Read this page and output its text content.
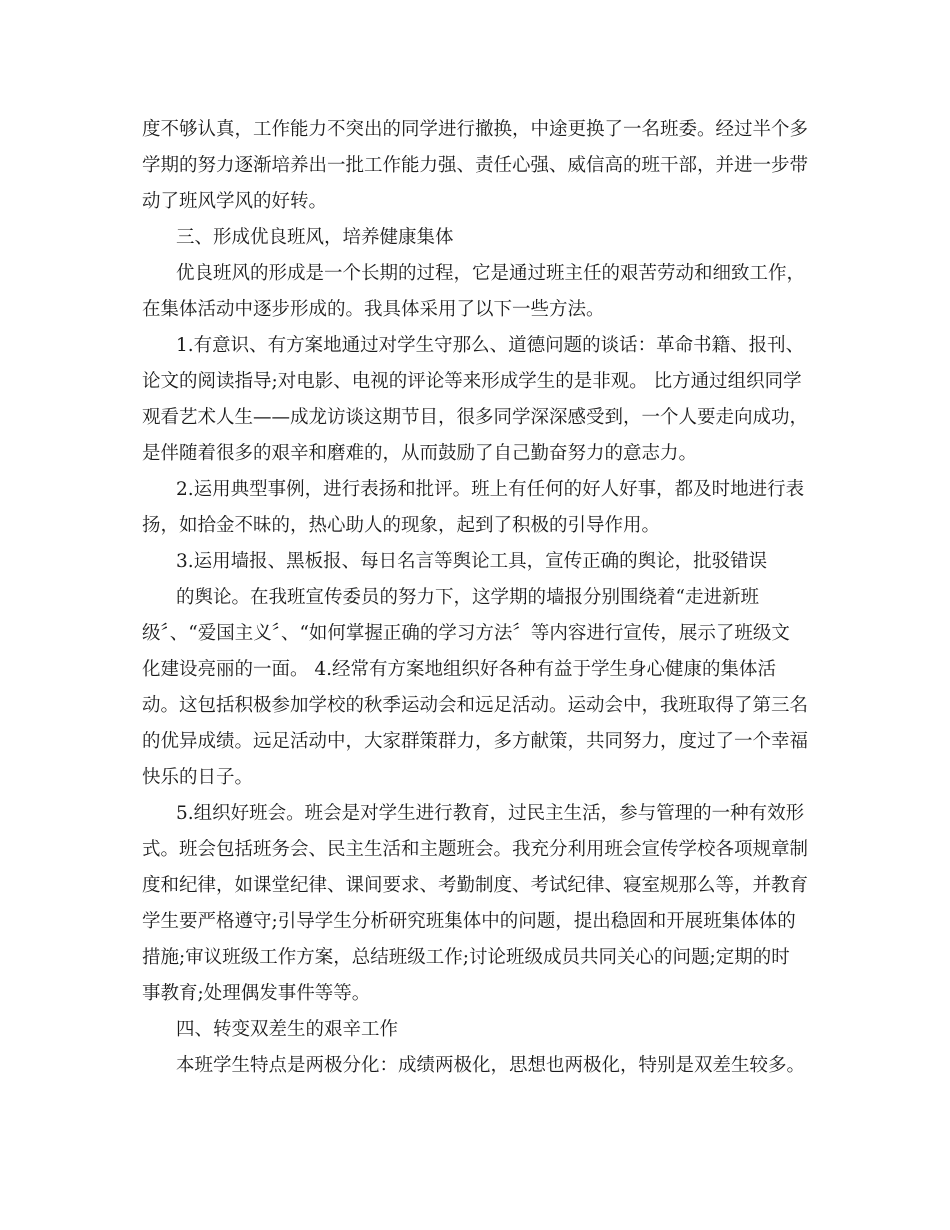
度不够认真，工作能力不突出的同学进行撤换，中途更换了一名班委。经过半个多
学期的努力逐渐培养出一批工作能力强、责任心强、威信高的班干部，并进一步带
动了班风学风的好转。
三、形成优良班风，培养健康集体
优良班风的形成是一个长期的过程，它是通过班主任的艰苦劳动和细致工作，
在集体活动中逐步形成的。我具体采用了以下一些方法。
1.有意识、有方案地通过对学生守那么、道德问题的谈话：革命书籍、报刊、
论文的阅读指导;对电影、电视的评论等来形成学生的是非观。 比方通过组织同学
观看艺术人生——成龙访谈这期节目，很多同学深深感受到，一个人要走向成功，
是伴随着很多的艰辛和磨难的，从而鼓励了自己勤奋努力的意志力。
2.运用典型事例，进行表扬和批评。班上有任何的好人好事，都及时地进行表
扬，如拾金不昧的，热心助人的现象，起到了积极的引导作用。
3.运用墙报、黑板报、每日名言等舆论工具，宣传正确的舆论，批驳错误
的舆论。在我班宣传委员的努力下，这学期的墙报分别围绕着“走进新班
级〞、“爱国主义〞、“如何掌握正确的学习方法〞等内容进行宣传，展示了班级文
化建设亮丽的一面。 4.经常有方案地组织好各种有益于学生身心健康的集体活
动。这包括积极参加学校的秋季运动会和远足活动。运动会中，我班取得了第三名
的优异成绩。远足活动中，大家群策群力，多方献策，共同努力，度过了一个幸福
快乐的日子。
5.组织好班会。班会是对学生进行教育，过民主生活，参与管理的一种有效形
式。班会包括班务会、民主生活和主题班会。我充分利用班会宣传学校各项规章制
度和纪律，如课堂纪律、课间要求、考勤制度、考试纪律、寝室规那么等，并教育
学生要严格遵守;引导学生分析研究班集体中的问题，提出稳固和开展班集体体的
措施;审议班级工作方案，总结班级工作;讨论班级成员共同关心的问题;定期的时
事教育;处理偶发事件等等。
四、转变双差生的艰辛工作
本班学生特点是两极分化：成绩两极化，思想也两极化，特别是双差生较多。
